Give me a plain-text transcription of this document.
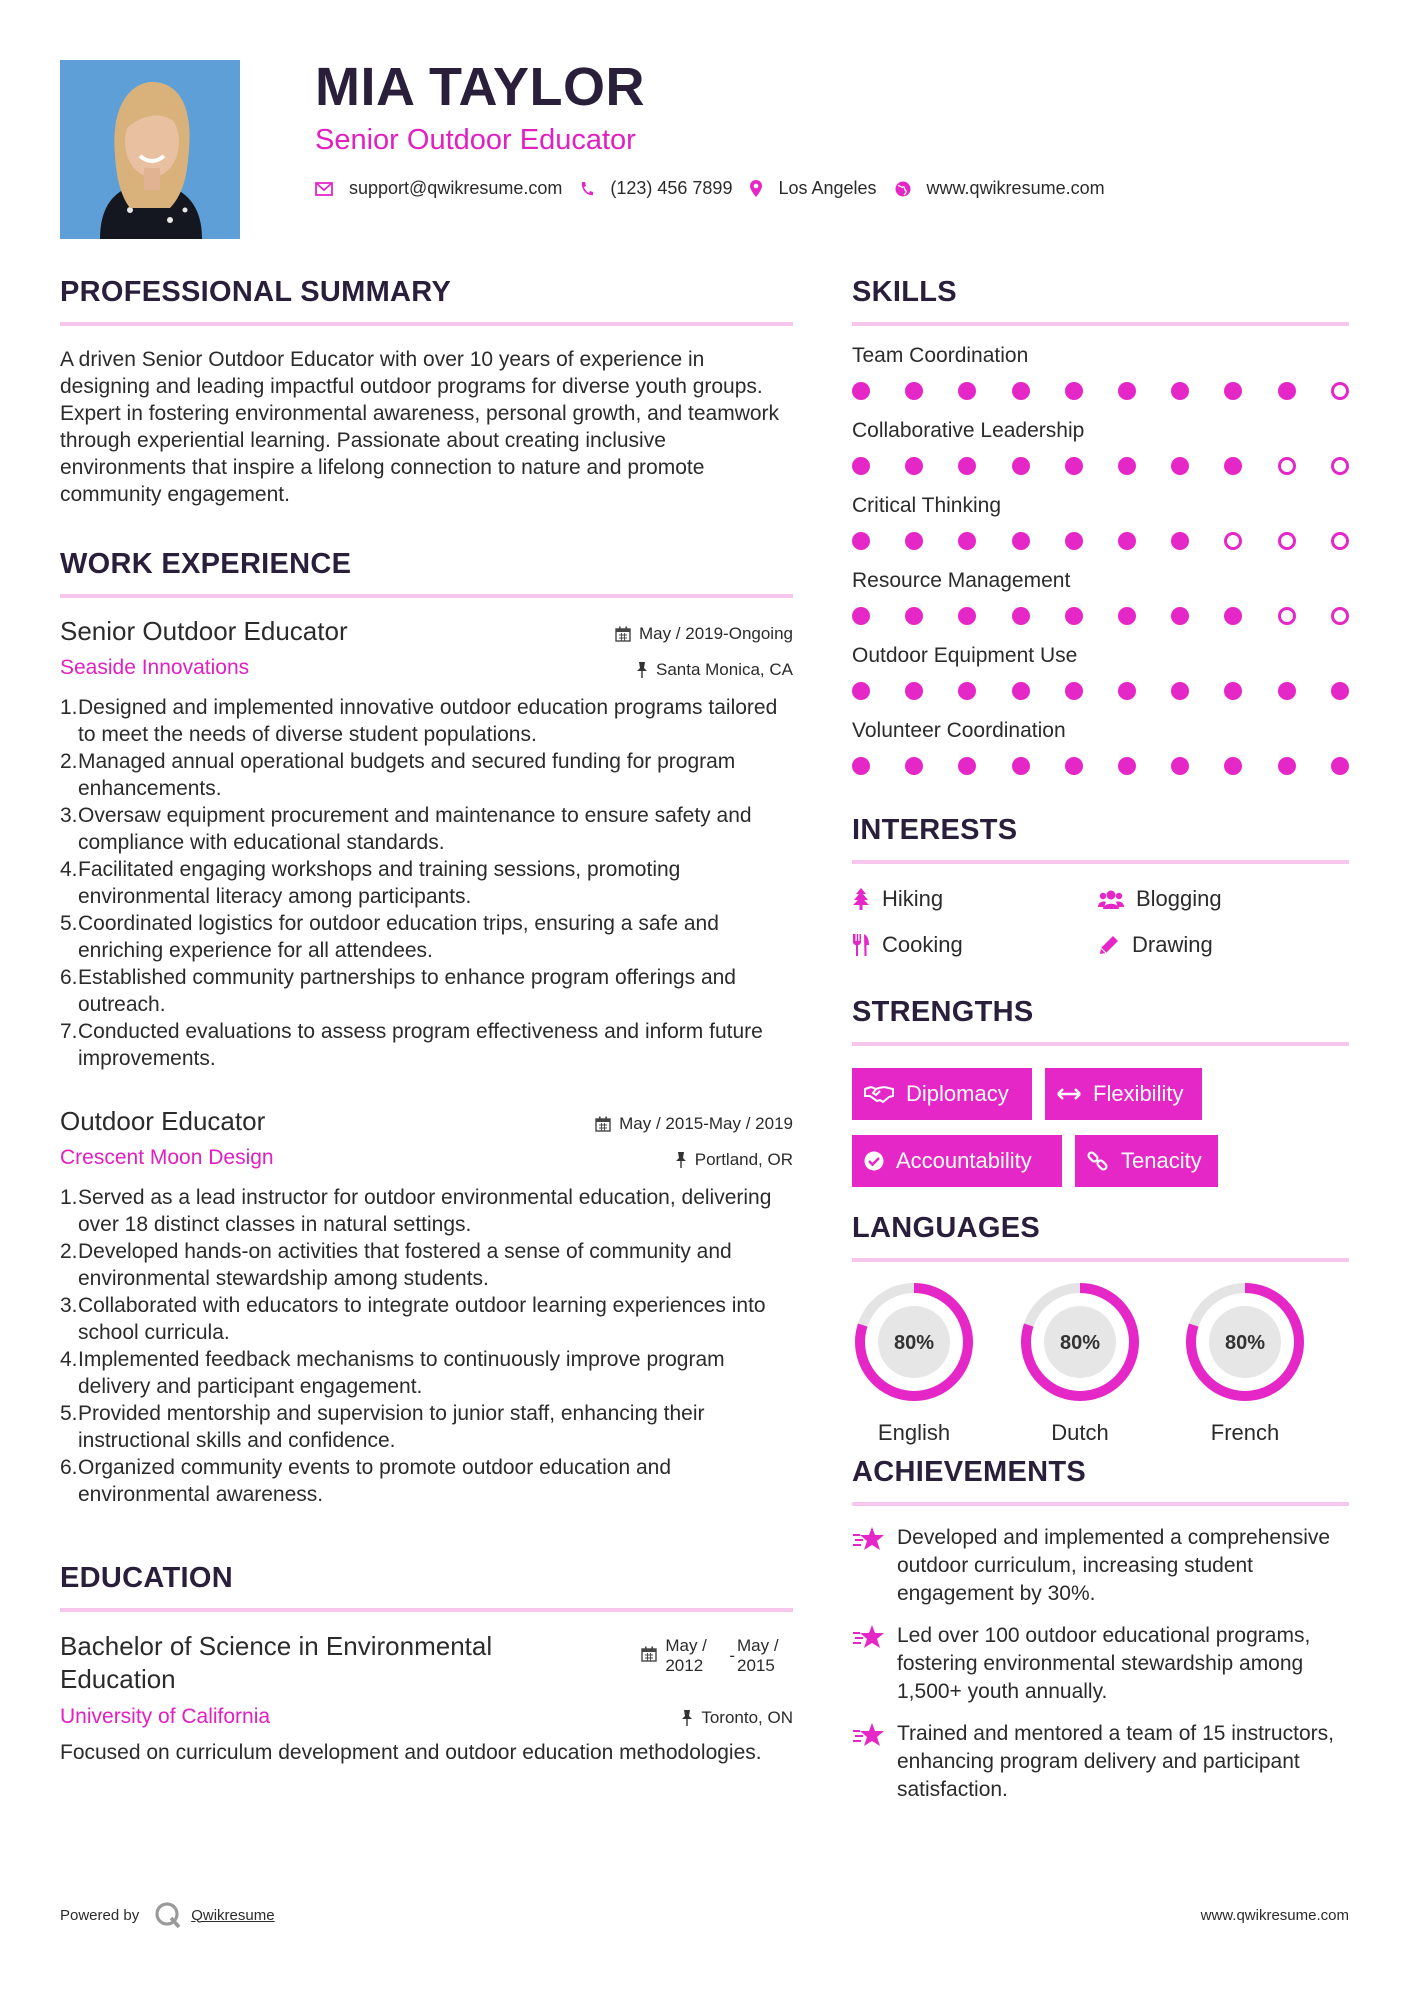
MIA TAYLOR
Senior Outdoor Educator
support@qwikresume.com	(123) 456 7899	Los Angeles	www.qwikresume.com
PROFESSIONAL SUMMARY
A driven Senior Outdoor Educator with over 10 years of experience in designing and leading impactful outdoor programs for diverse youth groups. Expert in fostering environmental awareness, personal growth, and teamwork through experiential learning. Passionate about creating inclusive environments that inspire a lifelong connection to nature and promote community engagement.
WORK EXPERIENCE
Senior Outdoor Educator	May / 2019-Ongoing
Seaside Innovations	Santa Monica, CA
1. Designed and implemented innovative outdoor education programs tailored to meet the needs of diverse student populations.
2. Managed annual operational budgets and secured funding for program enhancements.
3. Oversaw equipment procurement and maintenance to ensure safety and compliance with educational standards.
4. Facilitated engaging workshops and training sessions, promoting environmental literacy among participants.
5. Coordinated logistics for outdoor education trips, ensuring a safe and enriching experience for all attendees.
6. Established community partnerships to enhance program offerings and outreach.
7. Conducted evaluations to assess program effectiveness and inform future improvements.
Outdoor Educator	May / 2015-May / 2019
Crescent Moon Design	Portland, OR
1. Served as a lead instructor for outdoor environmental education, delivering over 18 distinct classes in natural settings.
2. Developed hands-on activities that fostered a sense of community and environmental stewardship among students.
3. Collaborated with educators to integrate outdoor learning experiences into school curricula.
4. Implemented feedback mechanisms to continuously improve program delivery and participant engagement.
5. Provided mentorship and supervision to junior staff, enhancing their instructional skills and confidence.
6. Organized community events to promote outdoor education and environmental awareness.
EDUCATION
Bachelor of Science in Environmental
Education
May / 2012
-
May / 2015
University of California	Toronto, ON
Focused on curriculum development and outdoor education methodologies.
SKILLS
Team Coordination
Collaborative Leadership
Critical Thinking
Resource Management
Outdoor Equipment Use
Volunteer Coordination
INTERESTS
Hiking	Blogging
Cooking	Drawing
STRENGTHS
Diplomacy	Flexibility
Accountability	Tenacity
LANGUAGES
80%
English
80%
Dutch
80%
French
ACHIEVEMENTS
Developed and implemented a comprehensive outdoor curriculum, increasing student engagement by 30%.
Led over 100 outdoor educational programs, fostering environmental stewardship among 1,500+ youth annually.
Trained and mentored a team of 15 instructors, enhancing program delivery and participant satisfaction.
Powered by	Qwikresume	www.qwikresume.com
